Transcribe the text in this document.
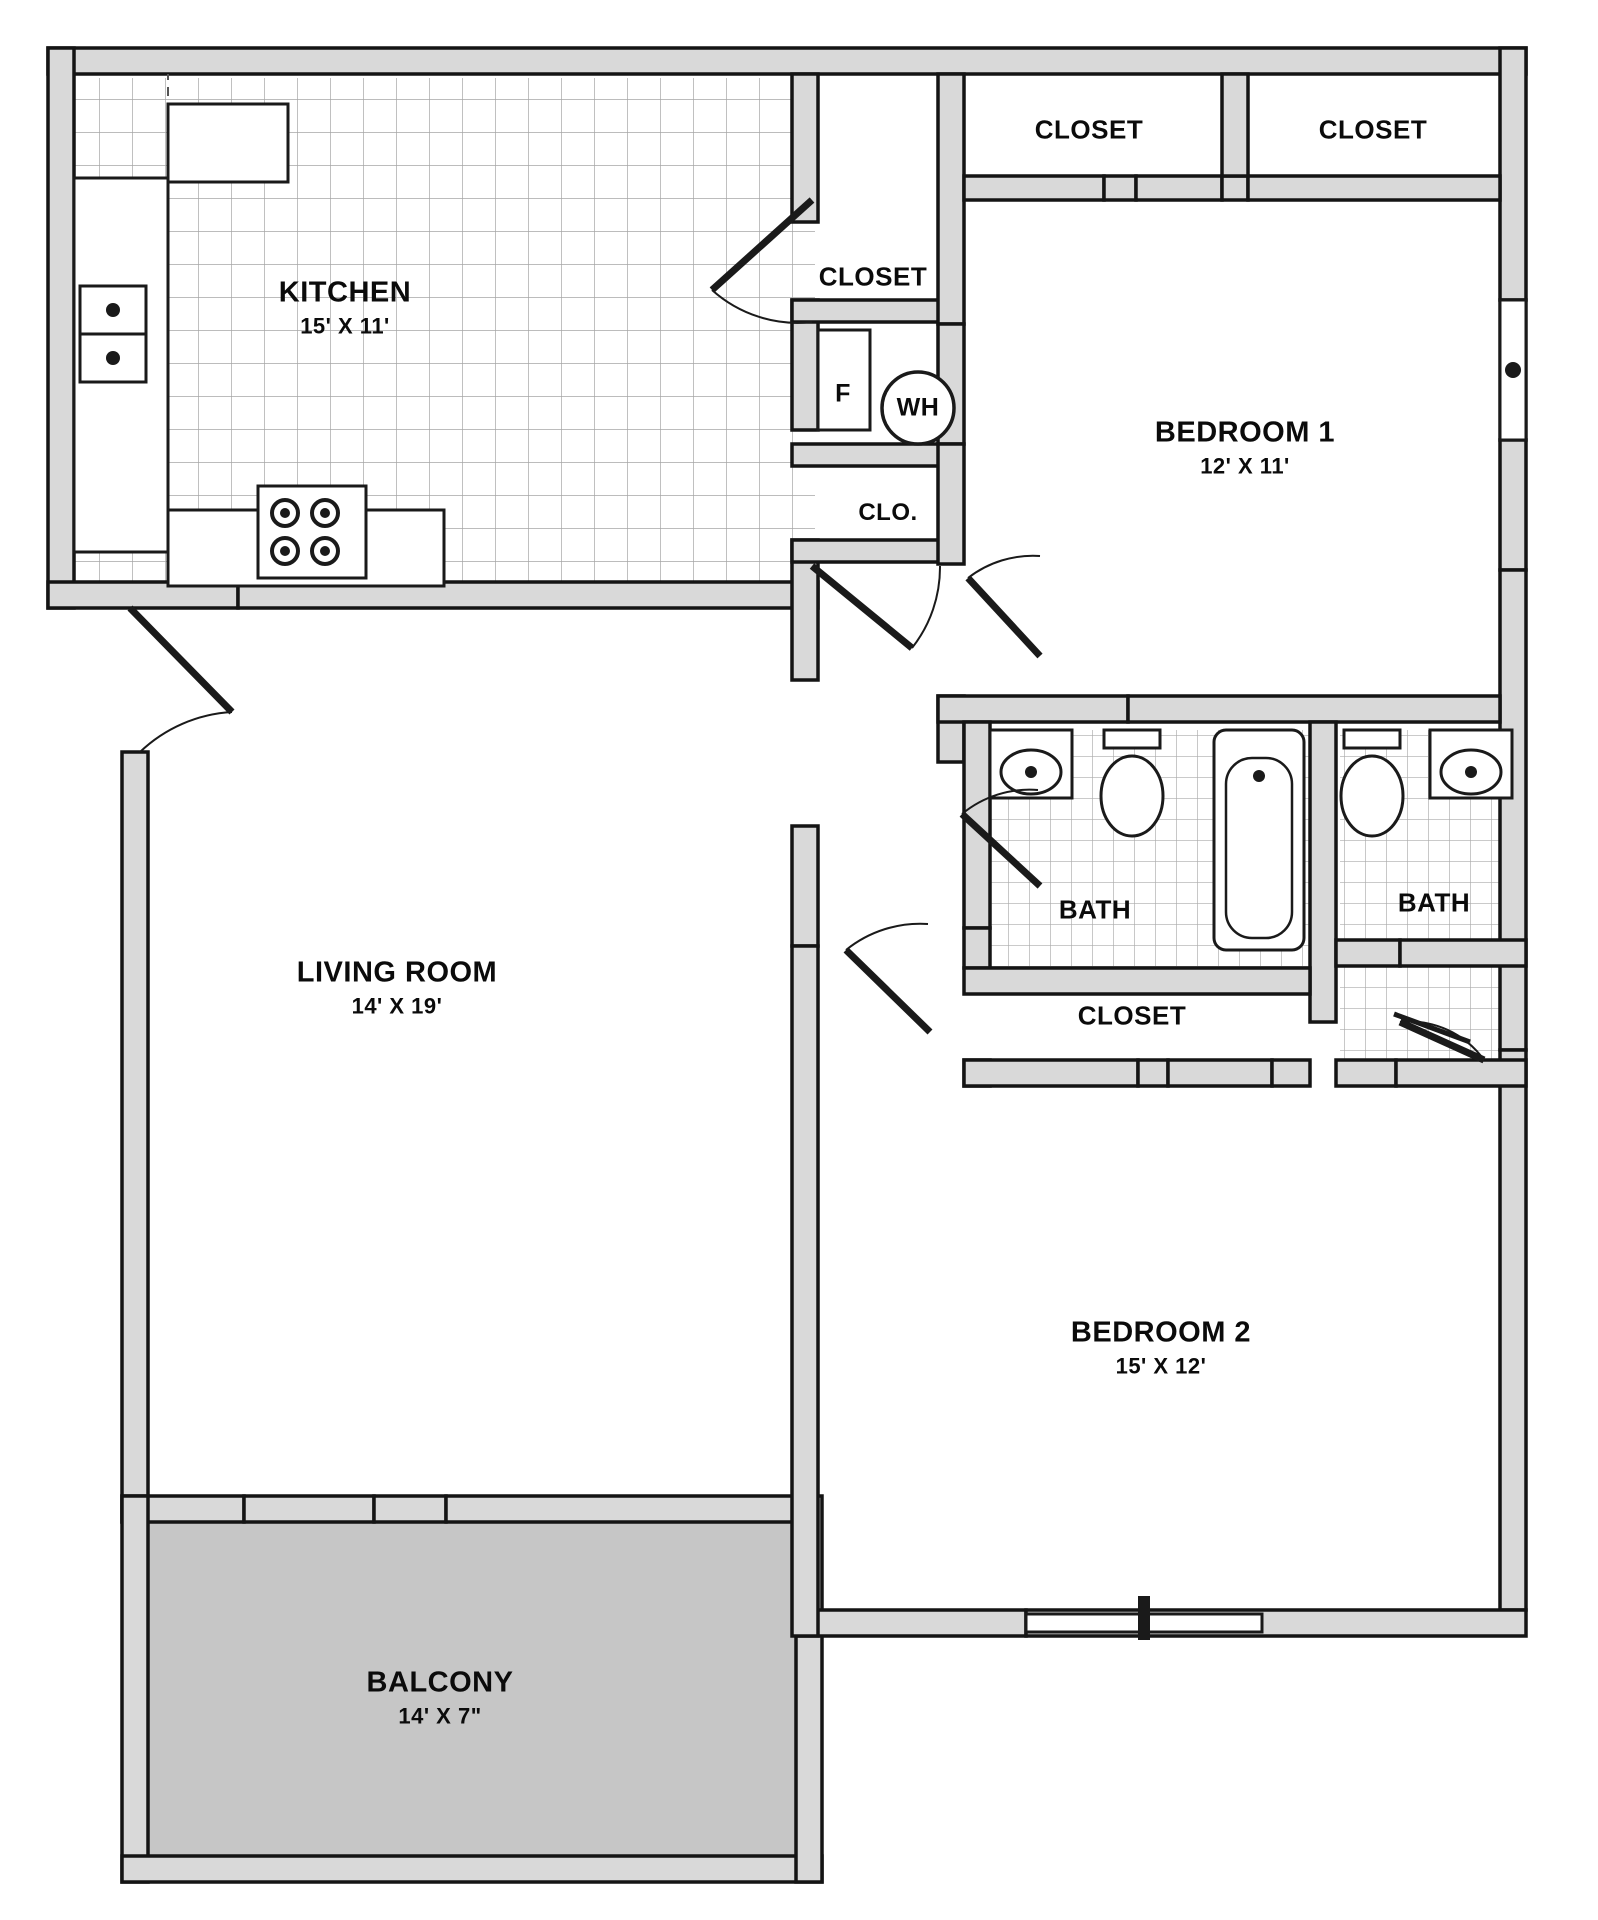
KITCHEN
15' X 11'
CLOSET
CLOSET	CLOSET
BEDROOM 1
12' X 11'
CLO.
BATH	BATH
CLOSET
LIVING ROOM
14' X 19'
BEDROOM 2
15' X 12'
BALCONY
14' X 7"
F WH
